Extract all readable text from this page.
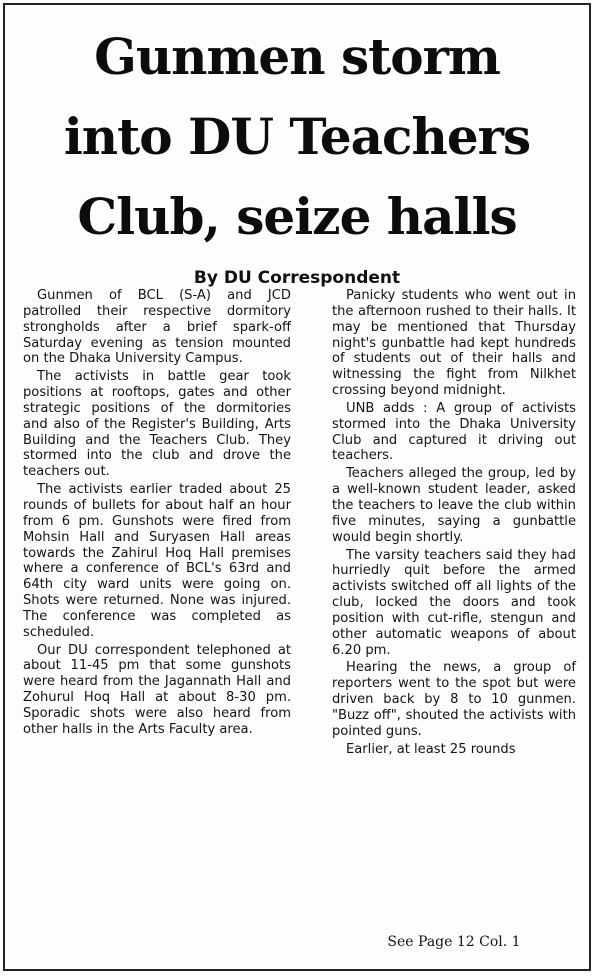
Gunmen storm
into DU Teachers
Club, seize halls
By DU Correspondent

Gunmen of BCL (S-A) and JCD patrolled their respective dormitory strongholds after a brief spark-off Saturday evening as tension mounted on the Dhaka University Campus.

The activists in battle gear took positions at rooftops, gates and other strategic positions of the dormitories and also of the Register's Building, Arts Building and the Teachers Club. They stormed into the club and drove the teachers out.

The activists earlier traded about 25 rounds of bullets for about half an hour from 6 pm. Gunshots were fired from Mohsin Hall and Suryasen Hall areas towards the Zahirul Hoq Hall premises where a conference of BCL's 63rd and 64th city ward units were going on. Shots were returned. None was injured. The conference was completed as scheduled.

Our DU correspondent telephoned at about 11-45 pm that some gunshots were heard from the Jagannath Hall and Zohurul Hoq Hall at about 8-30 pm. Sporadic shots were also heard from other halls in the Arts Faculty area.

Panicky students who went out in the afternoon rushed to their halls. It may be mentioned that Thursday night's gunbattle had kept hundreds of students out of their halls and witnessing the fight from Nilkhet crossing beyond midnight.

UNB adds : A group of activists stormed into the Dhaka University Club and captured it driving out teachers.

Teachers alleged the group, led by a well-known student leader, asked the teachers to leave the club within five minutes, saying a gunbattle would begin shortly.

The varsity teachers said they had hurriedly quit before the armed activists switched off all lights of the club, locked the doors and took position with cut-rifle, stengun and other automatic weapons of about 6.20 pm.

Hearing the news, a group of reporters went to the spot but were driven back by 8 to 10 gunmen. "Buzz off", shouted the activists with pointed guns.

Earlier, at least 25 rounds

See Page 12 Col. 1
